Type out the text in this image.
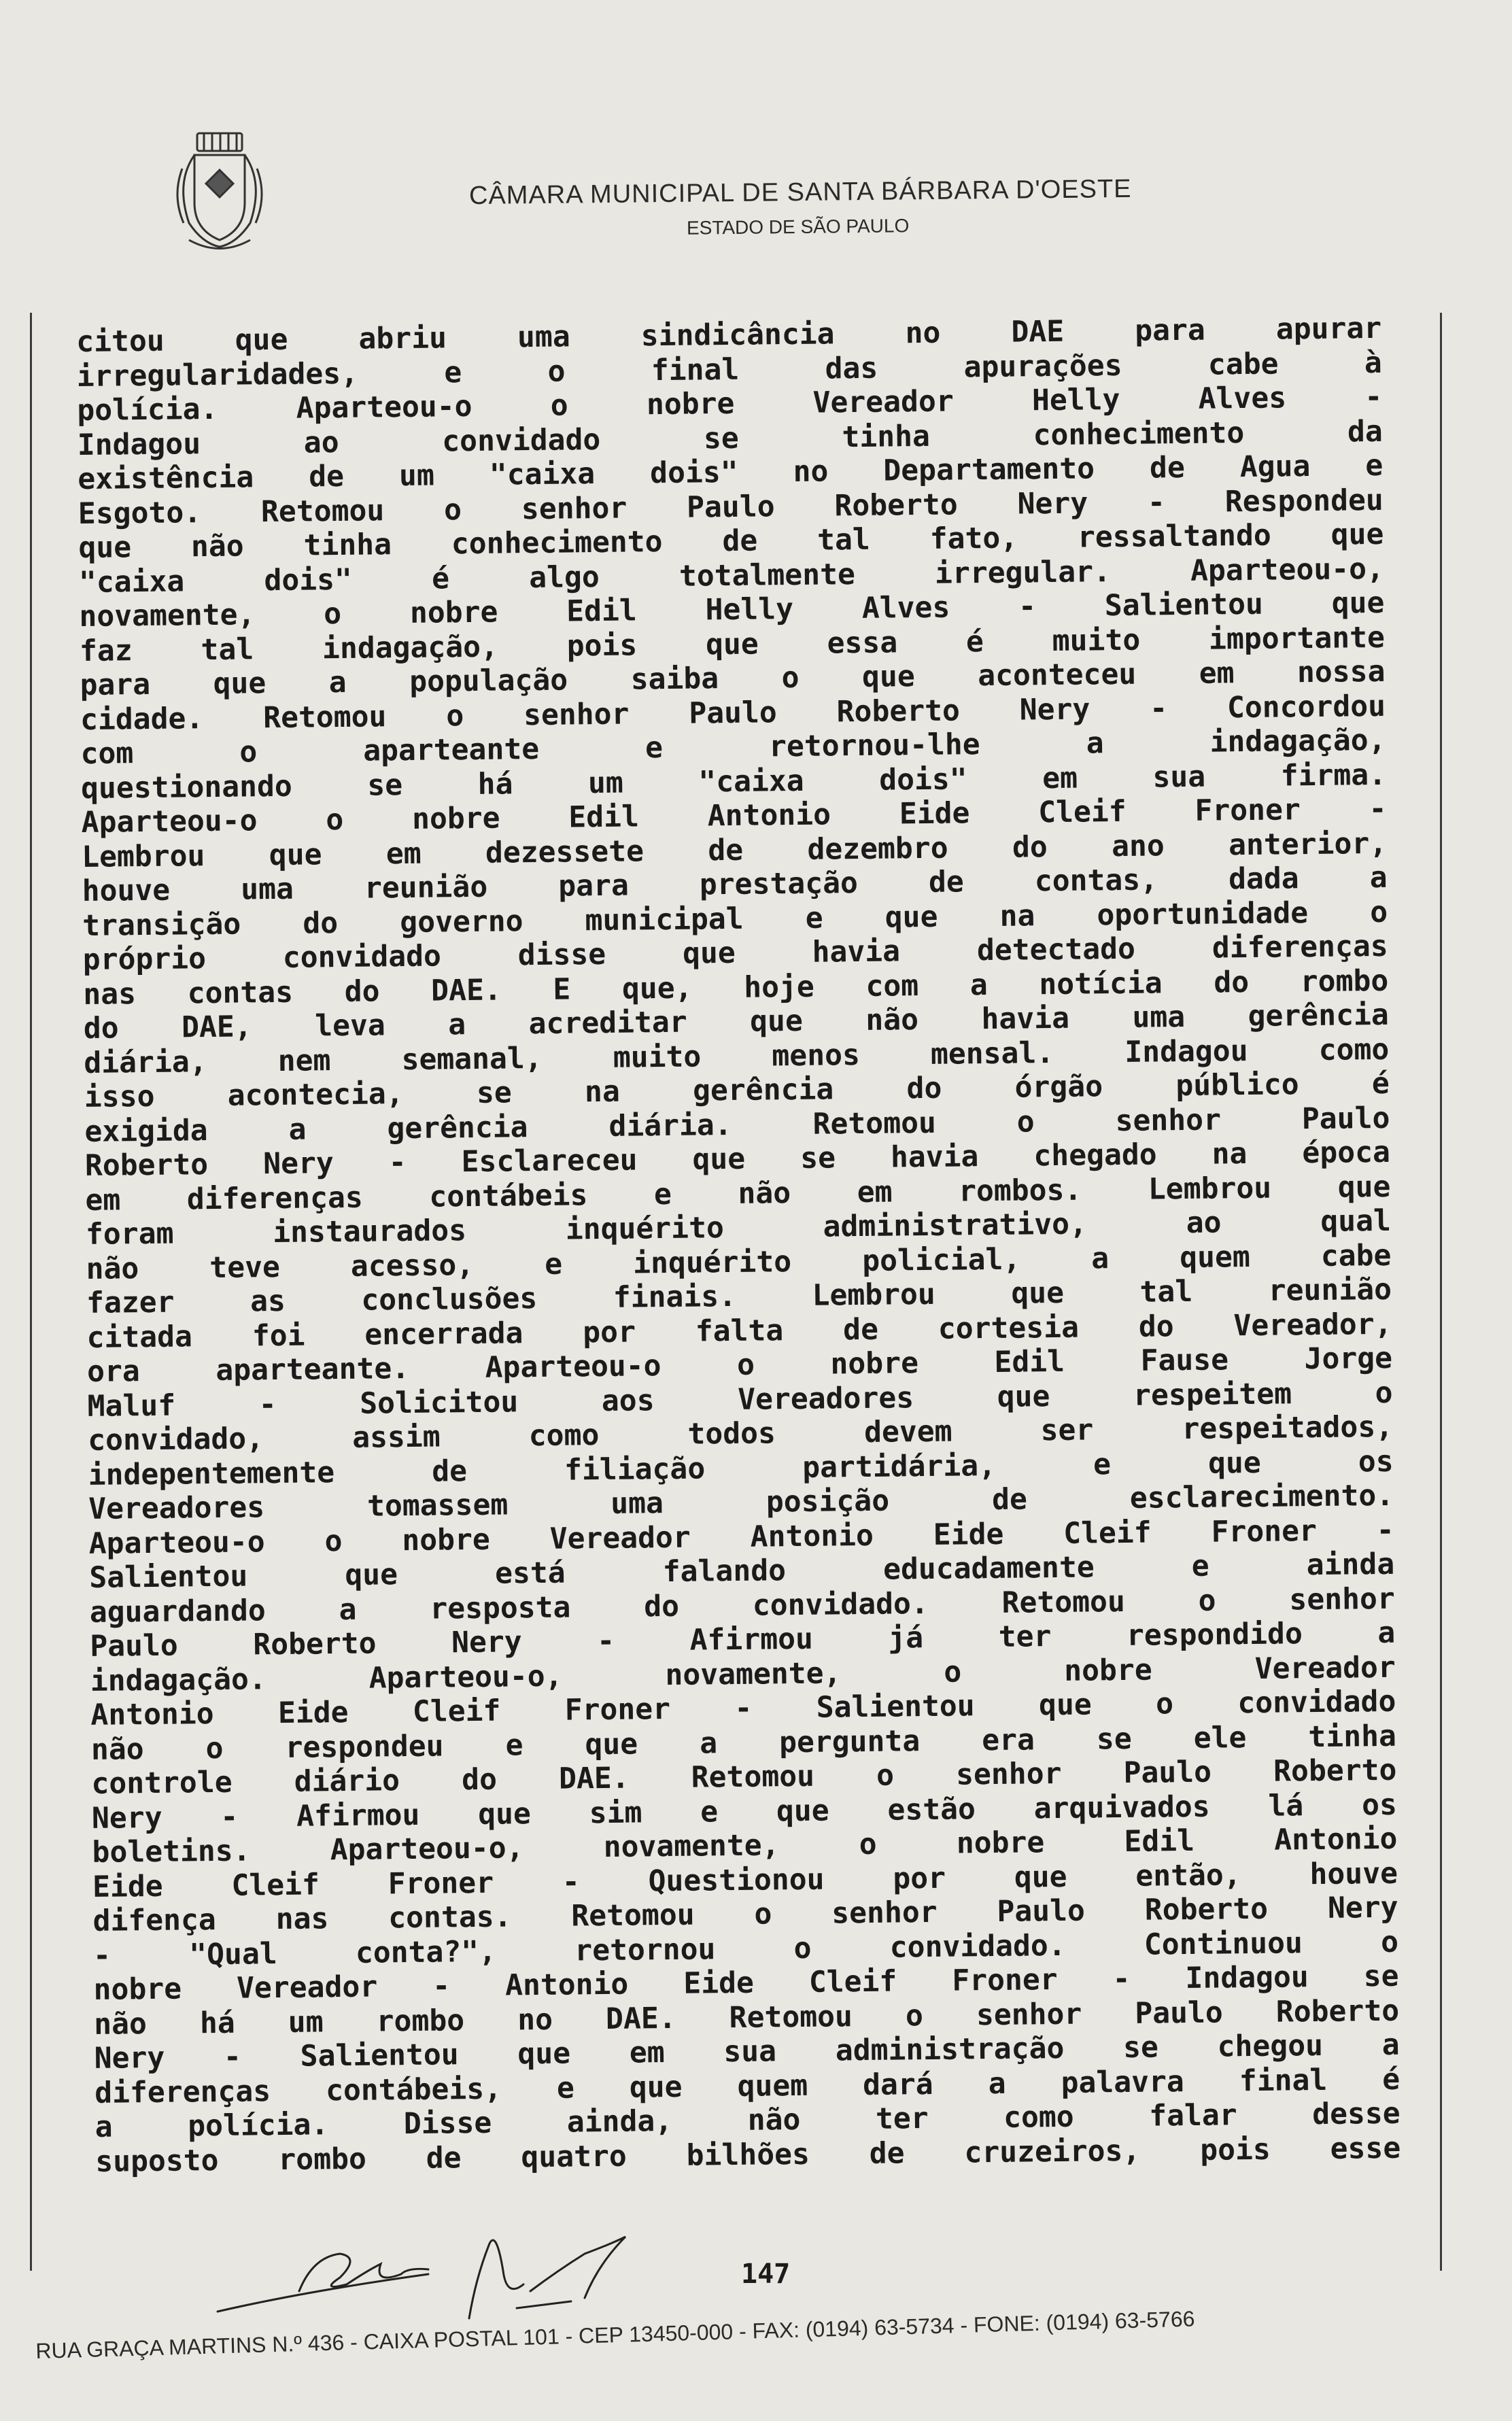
CÂMARA MUNICIPAL DE SANTA BÁRBARA D'OESTE
ESTADO DE SÃO PAULO
citou que abriu uma sindicância no DAE para apurar
irregularidades, e o final das apurações cabe à
polícia. Aparteou-o o nobre Vereador Helly Alves -
Indagou ao convidado se tinha conhecimento da
existência de um "caixa dois" no Departamento de Agua e
Esgoto. Retomou o senhor Paulo Roberto Nery - Respondeu
que não tinha conhecimento de tal fato, ressaltando que
"caixa dois" é algo totalmente irregular. Aparteou-o,
novamente, o nobre Edil Helly Alves - Salientou que
faz tal indagação, pois que essa é muito importante
para que a população saiba o que aconteceu em nossa
cidade. Retomou o senhor Paulo Roberto Nery - Concordou
com o aparteante e retornou-lhe a indagação,
questionando se há um "caixa dois" em sua firma.
Aparteou-o o nobre Edil Antonio Eide Cleif Froner -
Lembrou que em dezessete de dezembro do ano anterior,
houve uma reunião para prestação de contas, dada a
transição do governo municipal e que na oportunidade o
próprio convidado disse que havia detectado diferenças
nas contas do DAE. E que, hoje com a notícia do rombo
do DAE, leva a acreditar que não havia uma gerência
diária, nem semanal, muito menos mensal. Indagou como
isso acontecia, se na gerência do órgão público é
exigida a gerência diária. Retomou o senhor Paulo
Roberto Nery - Esclareceu que se havia chegado na época
em diferenças contábeis e não em rombos. Lembrou que
foram instaurados inquérito administrativo, ao qual
não teve acesso, e inquérito policial, a quem cabe
fazer as conclusões finais. Lembrou que tal reunião
citada foi encerrada por falta de cortesia do Vereador,
ora aparteante. Aparteou-o o nobre Edil Fause Jorge
Maluf - Solicitou aos Vereadores que respeitem o
convidado, assim como todos devem ser respeitados,
indepentemente de filiação partidária, e que os
Vereadores tomassem uma posição de esclarecimento.
Aparteou-o o nobre Vereador Antonio Eide Cleif Froner -
Salientou que está falando educadamente e ainda
aguardando a resposta do convidado. Retomou o senhor
Paulo Roberto Nery - Afirmou já ter respondido a
indagação. Aparteou-o, novamente, o nobre Vereador
Antonio Eide Cleif Froner - Salientou que o convidado
não o respondeu e que a pergunta era se ele tinha
controle diário do DAE. Retomou o senhor Paulo Roberto
Nery - Afirmou que sim e que estão arquivados lá os
boletins. Aparteou-o, novamente, o nobre Edil Antonio
Eide Cleif Froner - Questionou por que então, houve
difença nas contas. Retomou o senhor Paulo Roberto Nery
- "Qual conta?", retornou o convidado. Continuou o
nobre Vereador - Antonio Eide Cleif Froner - Indagou se
não há um rombo no DAE. Retomou o senhor Paulo Roberto
Nery - Salientou que em sua administração se chegou a
diferenças contábeis, e que quem dará a palavra final é
a polícia. Disse ainda, não ter como falar desse
suposto rombo de quatro bilhões de cruzeiros, pois esse
147
RUA GRAÇA MARTINS N.º 436 - CAIXA POSTAL 101 - CEP 13450-000 - FAX: (0194) 63-5734 - FONE: (0194) 63-5766
